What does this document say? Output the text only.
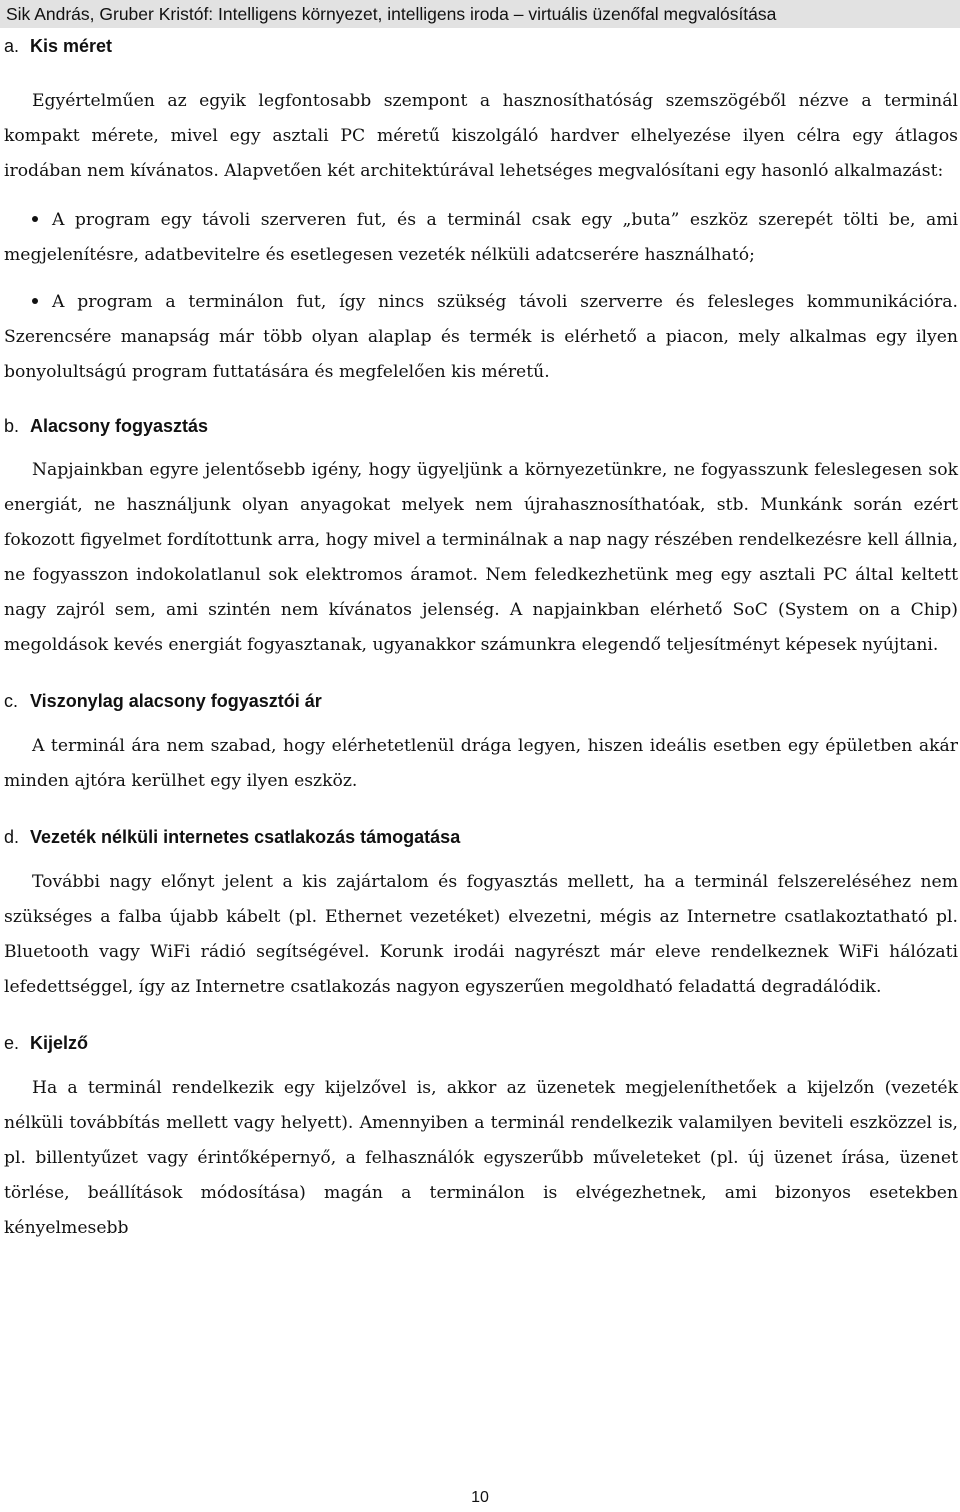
Sik András, Gruber Kristóf: Intelligens környezet, intelligens iroda – virtuális üzenőfal megvalósítása
a. Kis méret

Egyértelműen az egyik legfontosabb szempont a hasznosíthatóság szemszögéből nézve a terminál kompakt mérete, mivel egy asztali PC méretű kiszolgáló hardver elhelyezése ilyen célra egy átlagos irodában nem kívánatos. Alapvetően két architektúrával lehetséges megvalósítani egy hasonló alkalmazást:

A program egy távoli szerveren fut, és a terminál csak egy „buta” eszköz szerepét tölti be, ami megjelenítésre, adatbevitelre és esetlegesen vezeték nélküli adatcserére használható;

A program a terminálon fut, így nincs szükség távoli szerverre és felesleges kommunikációra. Szerencsére manapság már több olyan alaplap és termék is elérhető a piacon, mely alkalmas egy ilyen bonyolultságú program futtatására és megfelelően kis méretű.

b. Alacsony fogyasztás

Napjainkban egyre jelentősebb igény, hogy ügyeljünk a környezetünkre, ne fogyasszunk feleslegesen sok energiát, ne használjunk olyan anyagokat melyek nem újrahasznosíthatóak, stb. Munkánk során ezért fokozott figyelmet fordítottunk arra, hogy mivel a terminálnak a nap nagy részében rendelkezésre kell állnia, ne fogyasszon indokolatlanul sok elektromos áramot. Nem feledkezhetünk meg egy asztali PC által keltett nagy zajról sem, ami szintén nem kívánatos jelenség. A napjainkban elérhető SoC (System on a Chip) megoldások kevés energiát fogyasztanak, ugyanakkor számunkra elegendő teljesítményt képesek nyújtani.

c. Viszonylag alacsony fogyasztói ár

A terminál ára nem szabad, hogy elérhetetlenül drága legyen, hiszen ideális esetben egy épületben akár minden ajtóra kerülhet egy ilyen eszköz.

d. Vezeték nélküli internetes csatlakozás támogatása

További nagy előnyt jelent a kis zajártalom és fogyasztás mellett, ha a terminál felszereléséhez nem szükséges a falba újabb kábelt (pl. Ethernet vezetéket) elvezetni, mégis az Internetre csatlakoztatható pl. Bluetooth vagy WiFi rádió segítségével. Korunk irodái nagyrészt már eleve rendelkeznek WiFi hálózati lefedettséggel, így az Internetre csatlakozás nagyon egyszerűen megoldható feladattá degradálódik.

e. Kijelző

Ha a terminál rendelkezik egy kijelzővel is, akkor az üzenetek megjeleníthetőek a kijelzőn (vezeték nélküli továbbítás mellett vagy helyett). Amennyiben a terminál rendelkezik valamilyen beviteli eszközzel is, pl. billentyűzet vagy érintőképernyő, a felhasználók egyszerűbb műveleteket (pl. új üzenet írása, üzenet törlése, beállítások módosítása) magán a terminálon is elvégezhetnek, ami bizonyos esetekben kényelmesebb

10
